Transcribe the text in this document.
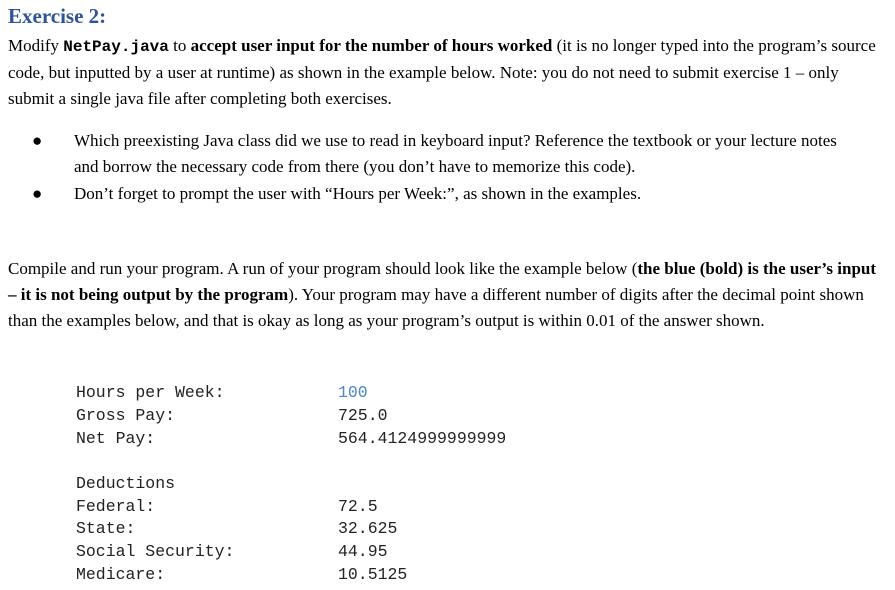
Exercise 2:
Modify NetPay.java to accept user input for the number of hours worked (it is no longer typed into the program’s source code, but inputted by a user at runtime) as shown in the example below. Note: you do not need to submit exercise 1 – only submit a single java file after completing both exercises.
● Which preexisting Java class did we use to read in keyboard input? Reference the textbook or your lecture notes and borrow the necessary code from there (you don’t have to memorize this code).
● Don’t forget to prompt the user with “Hours per Week:”, as shown in the examples.
Compile and run your program. A run of your program should look like the example below (the blue (bold) is the user’s input – it is not being output by the program). Your program may have a different number of digits after the decimal point shown than the examples below, and that is okay as long as your program’s output is within 0.01 of the answer shown.
Hours per Week:	100
Gross Pay:	725.0
Net Pay:	564.4124999999999
Deductions
Federal:	72.5
State:	32.625
Social Security:	44.95
Medicare:	10.5125
